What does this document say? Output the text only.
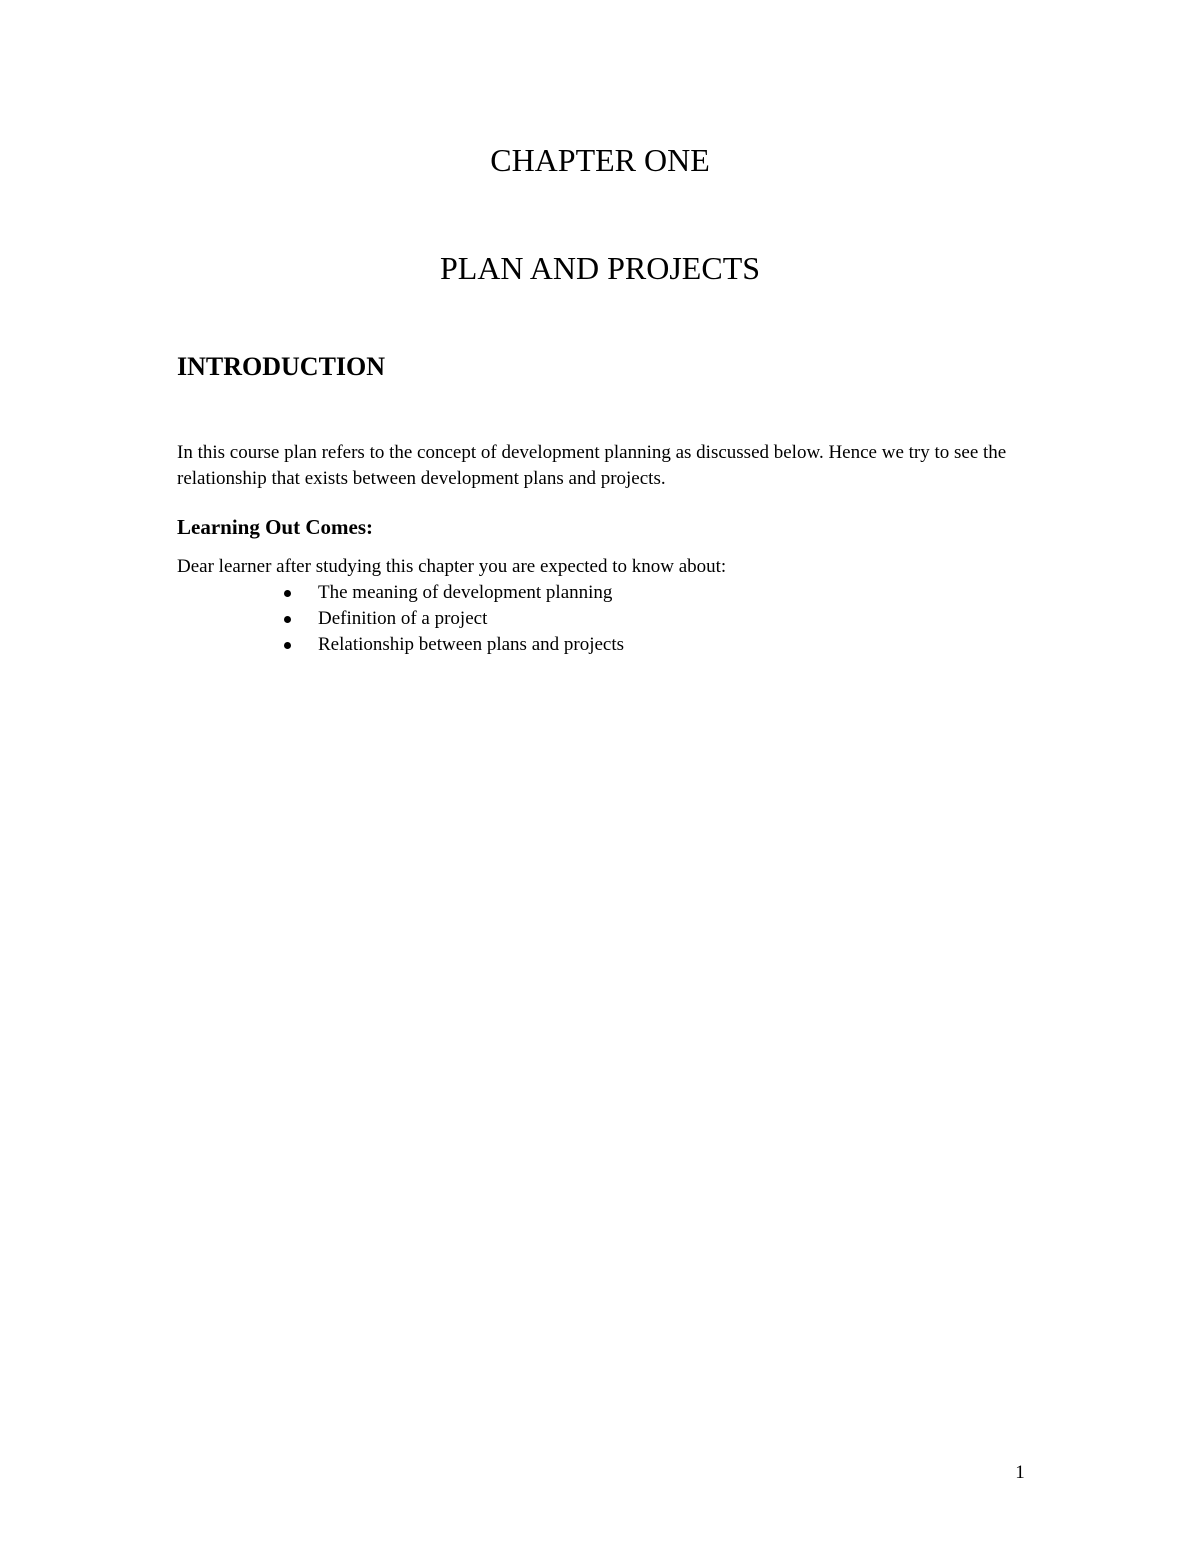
CHAPTER ONE
PLAN AND PROJECTS
INTRODUCTION

In this course plan refers to the concept of development planning as discussed below. Hence we try to see the relationship that exists between development plans and projects.

Learning Out Comes:

Dear learner after studying this chapter you are expected to know about:

The meaning of development planning
Definition of a project
Relationship between plans and projects
1
